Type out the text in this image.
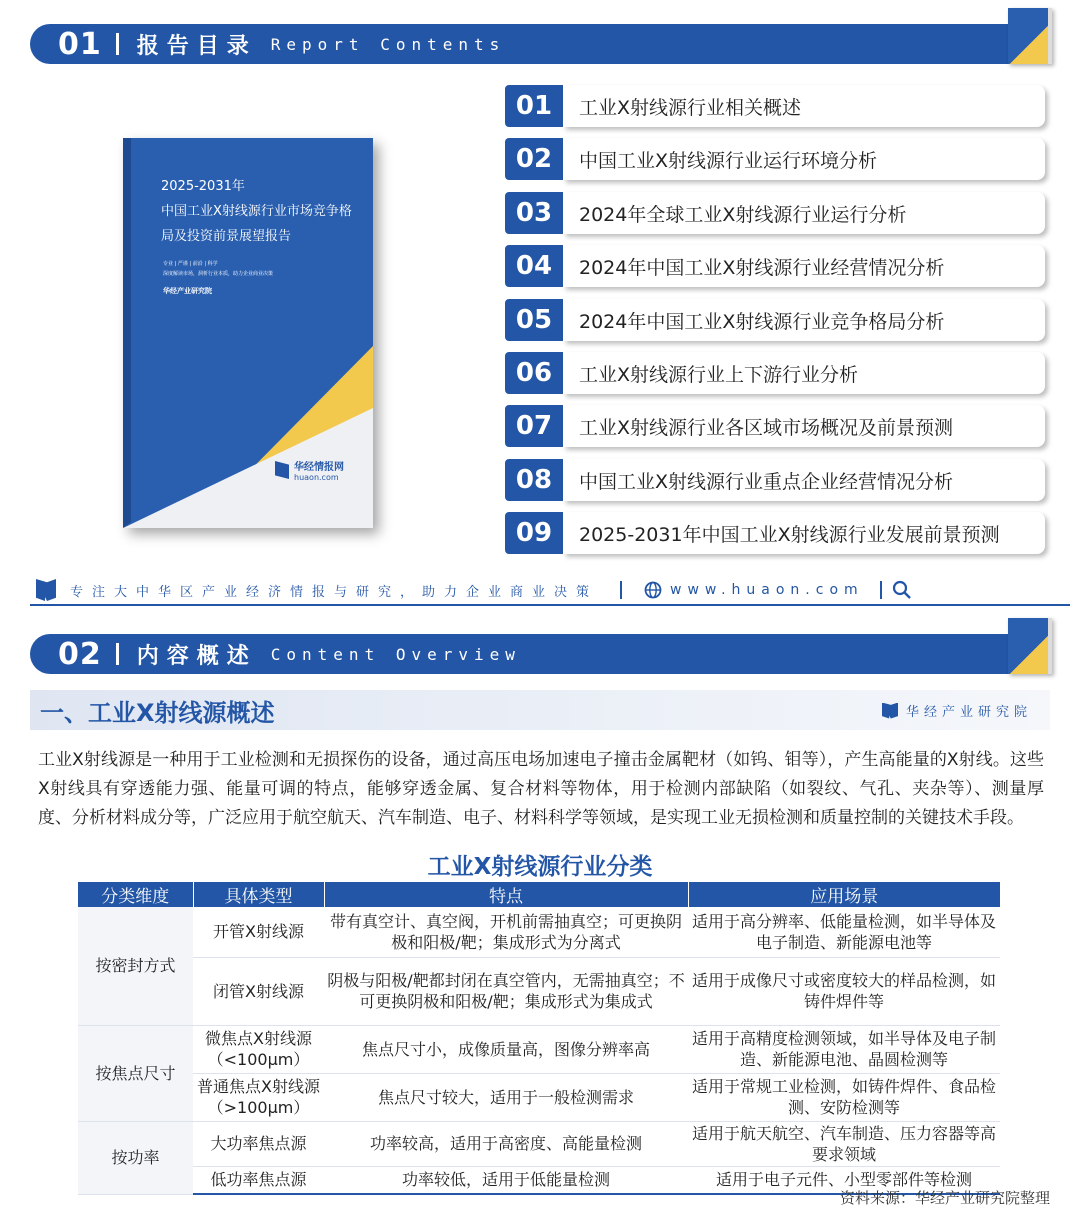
01 报告目录 Report Contents
2025-2031年
中国工业X射线源行业市场竞争格局及投资前景展望报告
专业 | 严谨 | 前沿 | 科学
深度解读市场，洞析行业本质，助力企业商业决策
华经产业研究院
华经情报网
huaon.com
01	工业X射线源行业相关概述
02	中国工业X射线源行业运行环境分析
03	2024年全球工业X射线源行业运行分析
04	2024年中国工业X射线源行业经营情况分析
05	2024年中国工业X射线源行业竞争格局分析
06	工业X射线源行业上下游行业分析
07	工业X射线源行业各区域市场概况及前景预测
08	中国工业X射线源行业重点企业经营情况分析
09	2025-2031年中国工业X射线源行业发展前景预测
专注大中华区产业经济情报与研究，助力企业商业决策	www.huaon.com
02 内容概述 Content Overview
一、工业X射线源概述	华经产业研究院
工业X射线源是一种用于工业检测和无损探伤的设备，通过高压电场加速电子撞击金属靶材（如钨、钼等），产生高能量的X射线。这些X射线具有穿透能力强、能量可调的特点，能够穿透金属、复合材料等物体，用于检测内部缺陷（如裂纹、气孔、夹杂等）、测量厚度、分析材料成分等，广泛应用于航空航天、汽车制造、电子、材料科学等领域，是实现工业无损检测和质量控制的关键技术手段。
工业X射线源行业分类
分类维度	具体类型	特点	应用场景
按密封方式	开管X射线源	带有真空计、真空阀，开机前需抽真空；可更换阴极和阳极/靶；集成形式为分离式	适用于高分辨率、低能量检测，如半导体及电子制造、新能源电池等
	闭管X射线源	阴极与阳极/靶都封闭在真空管内，无需抽真空；不可更换阴极和阳极/靶；集成形式为集成式	适用于成像尺寸或密度较大的样品检测，如铸件焊件等
按焦点尺寸	微焦点X射线源（<100μm）	焦点尺寸小，成像质量高，图像分辨率高	适用于高精度检测领域，如半导体及电子制造、新能源电池、晶圆检测等
	普通焦点X射线源（>100μm）	焦点尺寸较大，适用于一般检测需求	适用于常规工业检测，如铸件焊件、食品检测、安防检测等
按功率	大功率焦点源	功率较高，适用于高密度、高能量检测	适用于航天航空、汽车制造、压力容器等高要求领域
	低功率焦点源	功率较低，适用于低能量检测	适用于电子元件、小型零部件等检测
资料来源：华经产业研究院整理
